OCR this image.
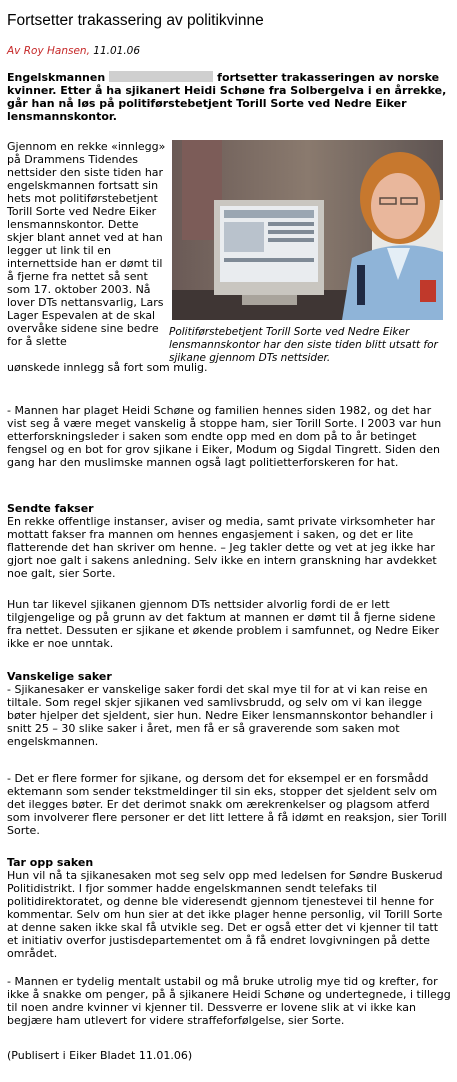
Fortsetter trakassering av politikvinne
Av Roy Hansen, 11.01.06

Engelskmannen	fortsetter trakasseringen av norske kvinner. Etter å ha sjikanert Heidi Schøne fra Solbergelva i en årrekke, går han nå løs på politiførstebetjent Torill Sorte ved Nedre Eiker lensmannskontor.

Gjennom en rekke «innlegg» på Drammens Tidendes nettsider den siste tiden har engelskmannen fortsatt sin hets mot politiførstebetjent Torill Sorte ved Nedre Eiker lensmannskontor. Dette skjer blant annet ved at han legger ut link til en internettside han er dømt til å fjerne fra nettet så sent som 17. oktober 2003. Nå lover DTs nettansvarlig, Lars Lager Espevalen at de skal overvåke sidene sine bedre for å slette

Politiførstebetjent Torill Sorte ved Nedre Eiker lensmannskontor har den siste tiden blitt utsatt for sjikane gjennom DTs nettsider.
uønskede innlegg så fort som mulig.

- Mannen har plaget Heidi Schøne og familien hennes siden 1982, og det har vist seg å være meget vanskelig å stoppe ham, sier Torill Sorte. I 2003 var hun etterforskningsleder i saken som endte opp med en dom på to år betinget fengsel og en bot for grov sjikane i Eiker, Modum og Sigdal Tingrett. Siden den gang har den muslimske mannen også lagt politietterforskeren for hat.

Sendte fakser
En rekke offentlige instanser, aviser og media, samt private virksomheter har mottatt fakser fra mannen om hennes engasjement i saken, og det er lite flatterende det han skriver om henne. – Jeg takler dette og vet at jeg ikke har gjort noe galt i sakens anledning. Selv ikke en intern granskning har avdekket noe galt, sier Sorte.

Hun tar likevel sjikanen gjennom DTs nettsider alvorlig fordi de er lett tilgjengelige og på grunn av det faktum at mannen er dømt til å fjerne sidene fra nettet. Dessuten er sjikane et økende problem i samfunnet, og Nedre Eiker ikke er noe unntak.

Vanskelige saker
- Sjikanesaker er vanskelige saker fordi det skal mye til for at vi kan reise en tiltale. Som regel skjer sjikanen ved samlivsbrudd, og selv om vi kan ilegge bøter hjelper det sjeldent, sier hun. Nedre Eiker lensmannskontor behandler i snitt 25 – 30 slike saker i året, men få er så graverende som saken mot engelskmannen.

- Det er flere former for sjikane, og dersom det for eksempel er en forsmådd ektemann som sender tekstmeldinger til sin eks, stopper det sjeldent selv om det ilegges bøter. Er det derimot snakk om ærekrenkelser og plagsom atferd som involverer flere personer er det litt lettere å få idømt en reaksjon, sier Torill Sorte.

Tar opp saken
Hun vil nå ta sjikanesaken mot seg selv opp med ledelsen for Søndre Buskerud Politidistrikt. I fjor sommer hadde engelskmannen sendt telefaks til politidirektoratet, og denne ble videresendt gjennom tjenestevei til henne for kommentar. Selv om hun sier at det ikke plager henne personlig, vil Torill Sorte at denne saken ikke skal få utvikle seg. Det er også etter det vi kjenner til tatt et initiativ overfor justisdepartementet om å få endret lovgivningen på dette området.

- Mannen er tydelig mentalt ustabil og må bruke utrolig mye tid og krefter, for ikke å snakke om penger, på å sjikanere Heidi Schøne og undertegnede, i tillegg til noen andre kvinner vi kjenner til. Dessverre er lovene slik at vi ikke kan begjære ham utlevert for videre straffeforfølgelse, sier Sorte.

(Publisert i Eiker Bladet 11.01.06)
